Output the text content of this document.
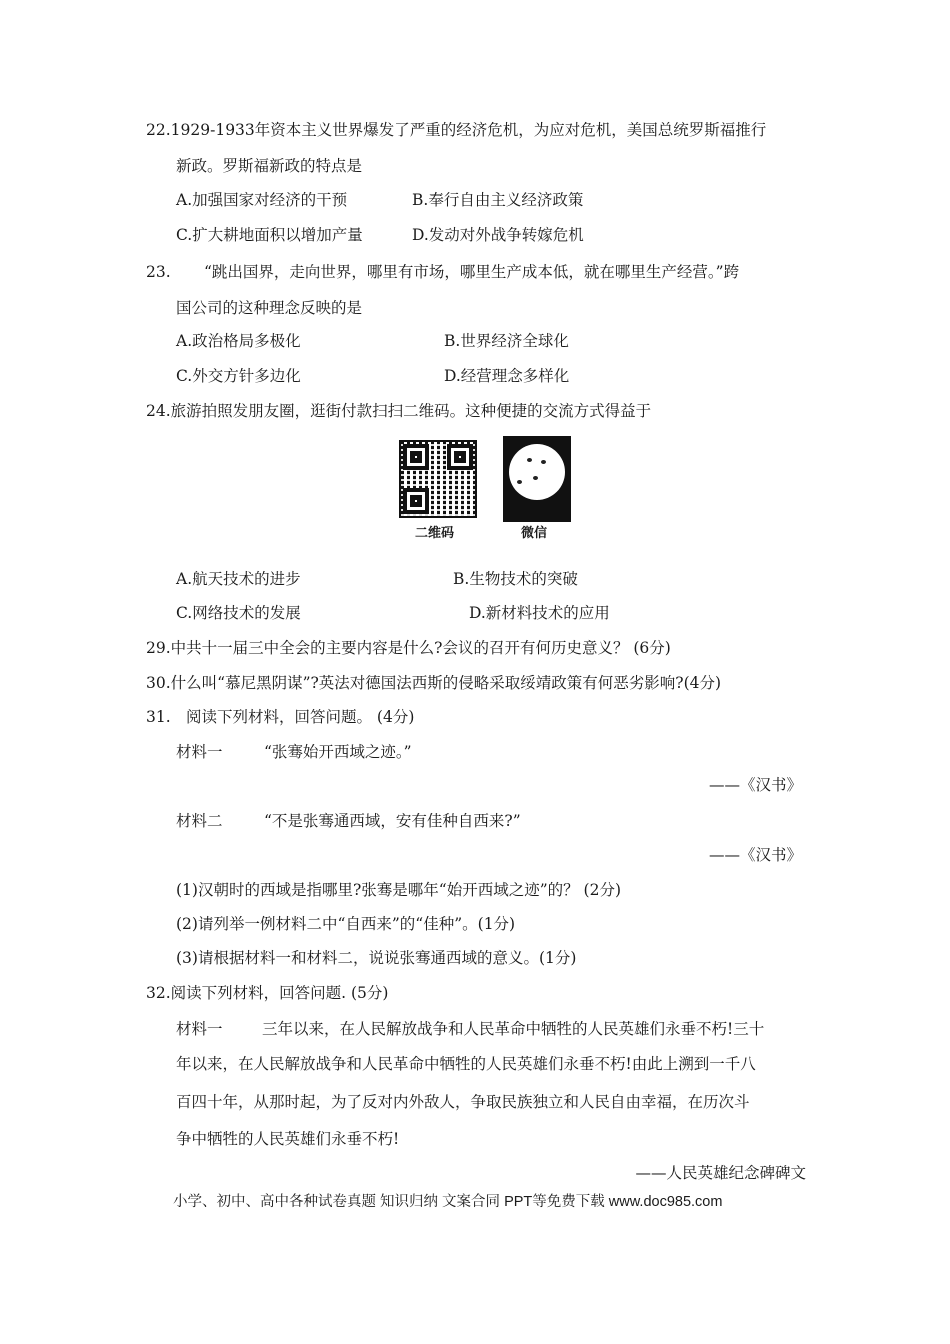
22.1929-1933年资本主义世界爆发了严重的经济危机，为应对危机，美国总统罗斯福推行
新政。罗斯福新政的特点是
A.加强国家对经济的干预	B.奉行自由主义经济政策
C.扩大耕地面积以增加产量	D.发动对外战争转嫁危机
23. “跳出国界，走向世界，哪里有市场，哪里生产成本低，就在哪里生产经营。”跨
国公司的这种理念反映的是
A.政治格局多极化	B.世界经济全球化
C.外交方针多边化	D.经营理念多样化
24.旅游拍照发朋友圈，逛街付款扫扫二维码。这种便捷的交流方式得益于
二维码	微信
A.航天技术的进步	B.生物技术的突破
C.网络技术的发展	D.新材料技术的应用
29.中共十一届三中全会的主要内容是什么?会议的召开有何历史意义？ (6分)
30.什么叫“慕尼黑阴谋”?英法对德国法西斯的侵略采取绥靖政策有何恶劣影响?(4分)
31. 阅读下列材料，回答问题。 (4分)
材料一	“张骞始开西域之迹。”
——《汉书》
材料二	“不是张骞通西域，安有佳种自西来?”
——《汉书》
(1)汉朝时的西域是指哪里?张骞是哪年“始开西域之迹”的？ (2分)
(2)请列举一例材料二中“自西来”的“佳种”。(1分)
(3)请根据材料一和材料二，说说张骞通西域的意义。(1分)
32.阅读下列材料，回答问题. (5分)
材料一	三年以来，在人民解放战争和人民革命中牺牲的人民英雄们永垂不朽!三十
年以来，在人民解放战争和人民革命中牺牲的人民英雄们永垂不朽!由此上溯到一千八
百四十年，从那时起，为了反对内外敌人，争取民族独立和人民自由幸福，在历次斗
争中牺牲的人民英雄们永垂不朽!
——人民英雄纪念碑碑文
小学、初中、高中各种试卷真题 知识归纳 文案合同 PPT等免费下载 www.doc985.com
